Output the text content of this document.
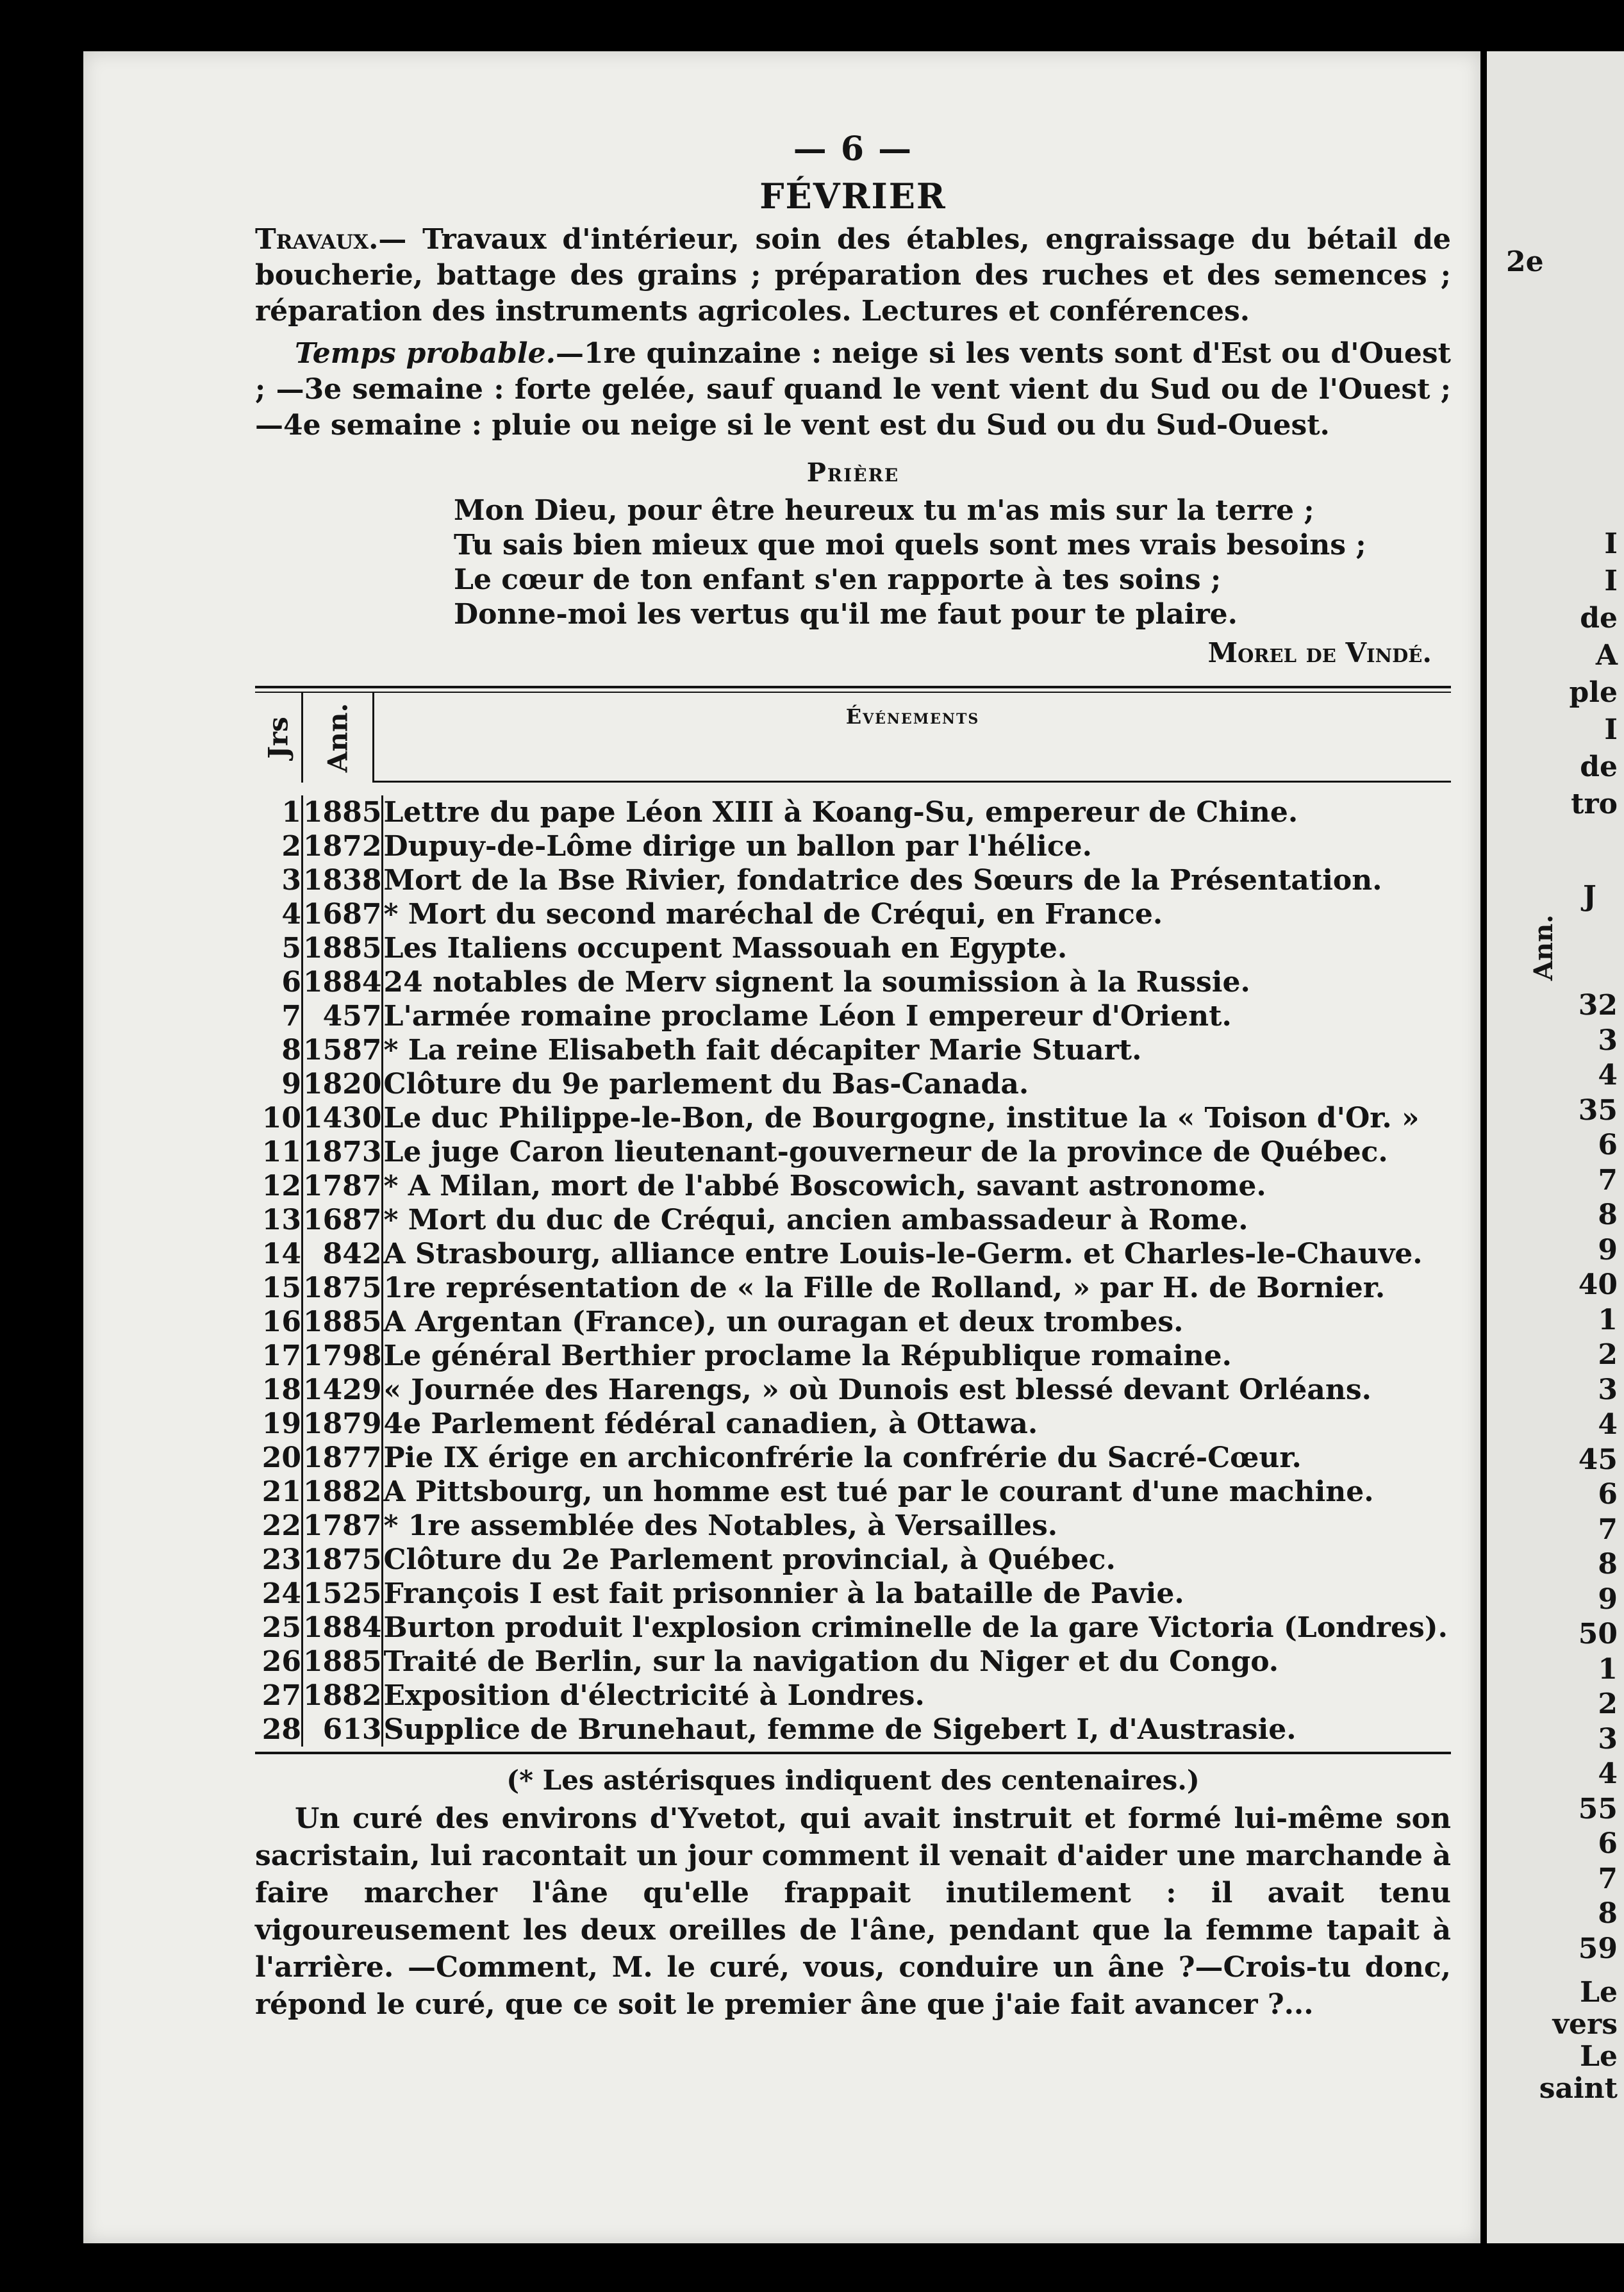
— 6 —
FÉVRIER

Travaux.— Travaux d'intérieur, soin des étables, engraissage du bétail de boucherie, battage des grains ; préparation des ruches et des semences ; réparation des instruments agricoles. Lectures et conférences.

Temps probable.—1re quinzaine : neige si les vents sont d'Est ou d'Ouest ; —3e semaine : forte gelée, sauf quand le vent vient du Sud ou de l'Ouest ; —4e semaine : pluie ou neige si le vent est du Sud ou du Sud-Ouest.

Prière
Mon Dieu, pour être heureux tu m'as mis sur la terre ;
Tu sais bien mieux que moi quels sont mes vrais besoins ;
Le cœur de ton enfant s'en rapporte à tes soins ;
Donne-moi les vertus qu'il me faut pour te plaire.
Morel de Vindé.
Jrs Ann.	Événements
1	1885	Lettre du pape Léon XIII à Koang-Su, empereur de Chine.
2	1872	Dupuy-de-Lôme dirige un ballon par l'hélice.
3	1838	Mort de la Bse Rivier, fondatrice des Sœurs de la Présentation.
4	1687	* Mort du second maréchal de Créqui, en France.
5	1885	Les Italiens occupent Massouah en Egypte.
6	1884	24 notables de Merv signent la soumission à la Russie.
7	457	L'armée romaine proclame Léon I empereur d'Orient.
8	1587	* La reine Elisabeth fait décapiter Marie Stuart.
9	1820	Clôture du 9e parlement du Bas-Canada.
10	1430	Le duc Philippe-le-Bon, de Bourgogne, institue la « Toison d'Or. »
11	1873	Le juge Caron lieutenant-gouverneur de la province de Québec.
12	1787	* A Milan, mort de l'abbé Boscowich, savant astronome.
13	1687	* Mort du duc de Créqui, ancien ambassadeur à Rome.
14	842	A Strasbourg, alliance entre Louis-le-Germ. et Charles-le-Chauve.
15	1875	1re représentation de « la Fille de Rolland, » par H. de Bornier.
16	1885	A Argentan (France), un ouragan et deux trombes.
17	1798	Le général Berthier proclame la République romaine.
18	1429	« Journée des Harengs, » où Dunois est blessé devant Orléans.
19	1879	4e Parlement fédéral canadien, à Ottawa.
20	1877	Pie IX érige en archiconfrérie la confrérie du Sacré-Cœur.
21	1882	A Pittsbourg, un homme est tué par le courant d'une machine.
22	1787	* 1re assemblée des Notables, à Versailles.
23	1875	Clôture du 2e Parlement provincial, à Québec.
24	1525	François I est fait prisonnier à la bataille de Pavie.
25	1884	Burton produit l'explosion criminelle de la gare Victoria (Londres).
26	1885	Traité de Berlin, sur la navigation du Niger et du Congo.
27	1882	Exposition d'électricité à Londres.
28	613	Supplice de Brunehaut, femme de Sigebert I, d'Austrasie.
(* Les astérisques indiquent des centenaires.)

Un curé des environs d'Yvetot, qui avait instruit et formé lui-même son sacristain, lui racontait un jour comment il venait d'aider une marchande à faire marcher l'âne qu'elle frappait inutilement : il avait tenu vigoureusement les deux oreilles de l'âne, pendant que la femme tapait à l'arrière. —Comment, M. le curé, vous, conduire un âne ?—Crois-tu donc, répond le curé, que ce soit le premier âne que j'aie fait avancer ?...

2e
I
I
de
A
ple
I
de
tro
J
Ann.
32
3
4
35
6
7
8
9
40
1
2
3
4
45
6
7
8
9
50
1
2
3
4
55
6
7
8
59
Le
vers
Le
saint
